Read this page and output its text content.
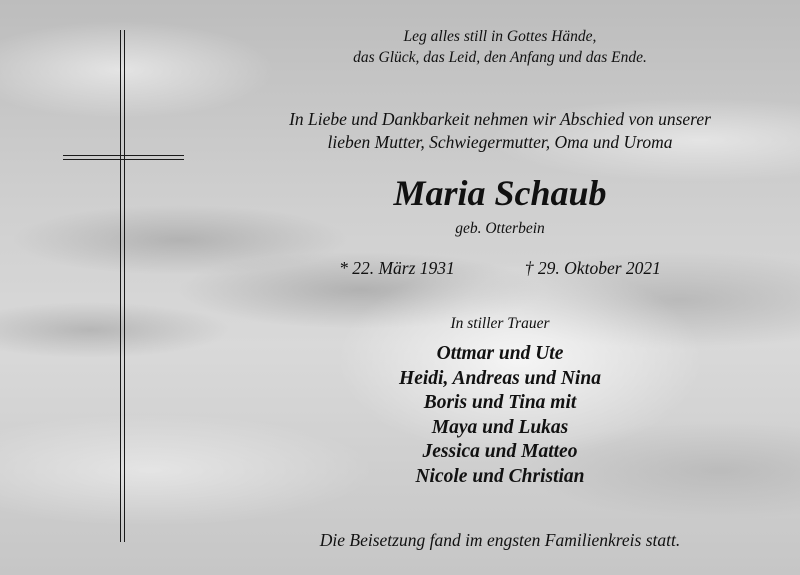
Leg alles still in Gottes Hände,
das Glück, das Leid, den Anfang und das Ende.
In Liebe und Dankbarkeit nehmen wir Abschied von unserer
lieben Mutter, Schwiegermutter, Oma und Uroma
Maria Schaub
geb. Otterbein
* 22. März 1931	† 29. Oktober 2021
In stiller Trauer
Ottmar und Ute
Heidi, Andreas und Nina
Boris und Tina mit
Maya und Lukas
Jessica und Matteo
Nicole und Christian
Die Beisetzung fand im engsten Familienkreis statt.
